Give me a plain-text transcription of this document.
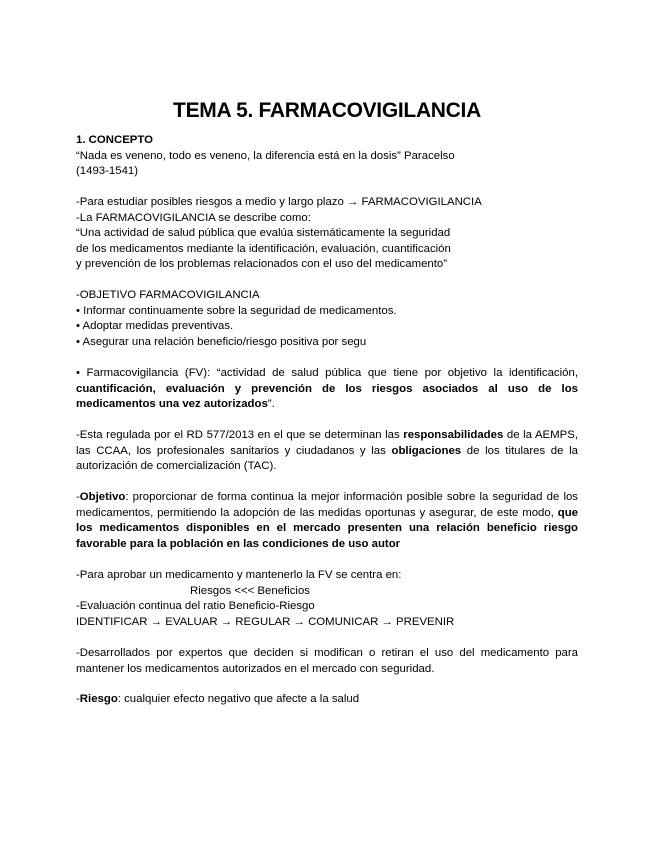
TEMA 5. FARMACOVIGILANCIA
1. CONCEPTO
“Nada es veneno, todo es veneno, la diferencia está en la dosis” Paracelso
(1493-1541)
-Para estudiar posibles riesgos a medio y largo plazo → FARMACOVIGILANCIA
-La FARMACOVIGILANCIA se describe como:
“Una actividad de salud pública que evalúa sistemáticamente la seguridad
de los medicamentos mediante la identificación, evaluación, cuantificación
y prevención de los problemas relacionados con el uso del medicamento”
-OBJETIVO FARMACOVIGILANCIA
• Informar continuamente sobre la seguridad de medicamentos.
• Adoptar medidas preventivas.
• Asegurar una relación beneficio/riesgo positiva por segu
• Farmacovigilancia (FV): “actividad de salud pública que tiene por objetivo la identificación, cuantificación, evaluación y prevención de los riesgos asociados al uso de los medicamentos una vez autorizados”.
-Esta regulada por el RD 577/2013 en el que se determinan las responsabilidades de la AEMPS, las CCAA, los profesionales sanitarios y ciudadanos y las obligaciones de los titulares de la autorización de comercialización (TAC).
-Objetivo: proporcionar de forma continua la mejor información posible sobre la seguridad de los medicamentos, permitiendo la adopción de las medidas oportunas y asegurar, de este modo, que los medicamentos disponibles en el mercado presenten una relación beneficio riesgo favorable para la población en las condiciones de uso autor
-Para aprobar un medicamento y mantenerlo la FV se centra en:
Riesgos <<< Beneficios
-Evaluación continua del ratio Beneficio-Riesgo
IDENTIFICAR → EVALUAR → REGULAR → COMUNICAR → PREVENIR
-Desarrollados por expertos que deciden si modifican o retiran el uso del medicamento para mantener los medicamentos autorizados en el mercado con seguridad.
-Riesgo: cualquier efecto negativo que afecte a la salud
